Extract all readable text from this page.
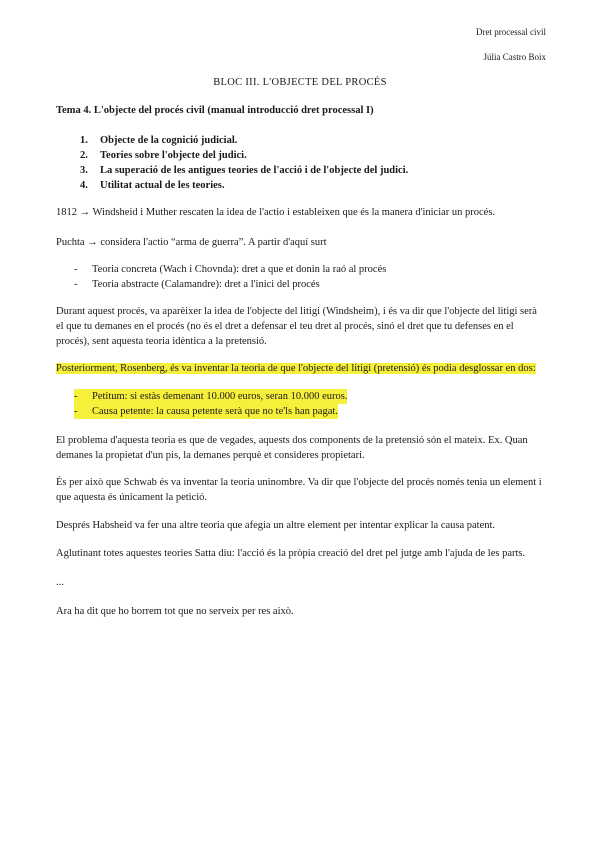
Dret processal civil
Júlia Castro Boix
BLOC III. L'OBJECTE DEL PROCÉS
Tema 4. L'objecte del procés civil (manual introducció dret processal I)
1.	Objecte de la cognició judicial.
2.	Teories sobre l'objecte del judici.
3.	La superació de les antigues teories de l'acció i de l'objecte del judici.
4.	Utilitat actual de les teories.
1812 → Windsheid i Muther rescaten la idea de l'actio i estableixen que és la manera d'iniciar un procés.
Puchta → considera l'actio “arma de guerra”. A partir d'aquí surt
-	Teoria concreta (Wach i Chovnda): dret a que et donin la raó al procés
-	Teoria abstracte (Calamandre): dret a l'inici del procés
Durant aquest procés, va aparèixer la idea de l'objecte del litigi (Windsheim), i és va dir que l'objecte del litigi serà el que tu demanes en el procés (no és el dret a defensar el teu dret al procés, sinó el dret que tu defenses en el procés), sent aquesta teoria idèntica a la pretensió.
Posteriorment, Rosenberg, és va inventar la teoria de que l'objecte del litigi (pretensió) és podia desglossar en dos:
-	Petitum: si estàs demenant 10.000 euros, seran 10.000 euros.
-	Causa petente: la causa petente serà que no te'ls han pagat.
El problema d'aquesta teoria es que de vegades, aquests dos components de la pretensió són el mateix. Ex. Quan demanes la propietat d'un pis, la demanes perquè et consideres propietari.
És per això que Schwab és va inventar la teoria uninombre. Va dir que l'objecte del procés només tenia un element i que aquesta és únicament la petició.
Després Habsheid va fer una altre teoria que afegia un altre element per intentar explicar la causa patent.
Aglutinant totes aquestes teories Satta diu: l'acció és la pròpia creació del dret pel jutge amb l'ajuda de les parts.
...
Ara ha dit que ho borrem tot que no serveix per res això.
